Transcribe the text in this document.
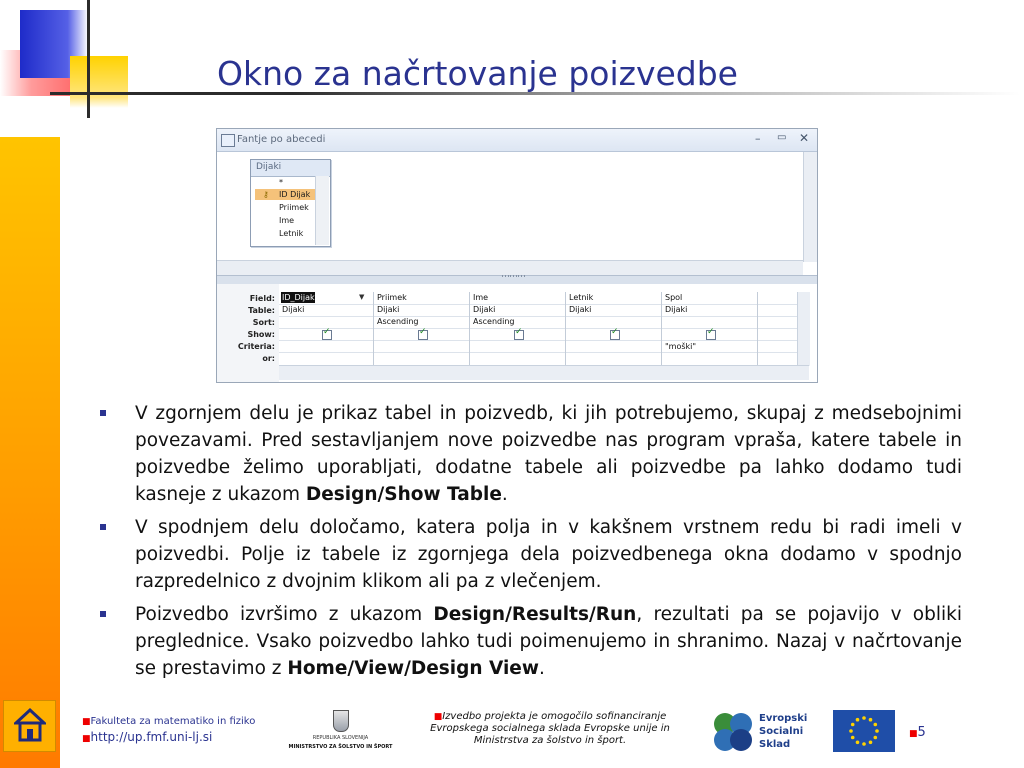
Okno za načrtovanje poizvedbe
Fantje po abecedi	– ▭ ✕
Dijaki
*
⚷ ID Dijak
Priimek
Ime
Letnik
⋯⋯⋯
Field:
Table:
Sort:
Show:
Criteria:
or:
▼
ID_Dijak
Dijaki
✓
Priimek
Dijaki
Ascending
✓
Ime
Dijaki
Ascending
✓
Letnik
Dijaki
✓
Spol
Dijaki
✓
"moški"
V zgornjem delu je prikaz tabel in poizvedb, ki jih potrebujemo, skupaj z medsebojnimi povezavami. Pred sestavljanjem nove poizvedbe nas program vpraša, katere tabele in poizvedbe želimo uporabljati, dodatne tabele ali poizvedbe pa lahko dodamo tudi kasneje z ukazom Design/Show Table.
V spodnjem delu določamo, katera polja in v kakšnem vrstnem redu bi radi imeli v poizvedbi. Polje iz tabele iz zgornjega dela poizvedbenega okna dodamo v spodnjo razpredelnico z dvojnim klikom ali pa z vlečenjem.
Poizvedbo izvršimo z ukazom Design/Results/Run, rezultati pa se pojavijo v obliki preglednice. Vsako poizvedbo lahko tudi poimenujemo in shranimo. Nazaj v načrtovanje se prestavimo z Home/View/Design View.
■Fakulteta za matematiko in fiziko
■http://up.fmf.uni-lj.si	REPUBLIKA SLOVENIJA
MINISTRSTVO ZA ŠOLSTVO IN ŠPORT
■Izvedbo projekta je omogočilo sofinanciranje Evropskega socialnega sklada Evropske unije in Ministrstva za šolstvo in šport.
Evropski
Socialni
Sklad
■5
